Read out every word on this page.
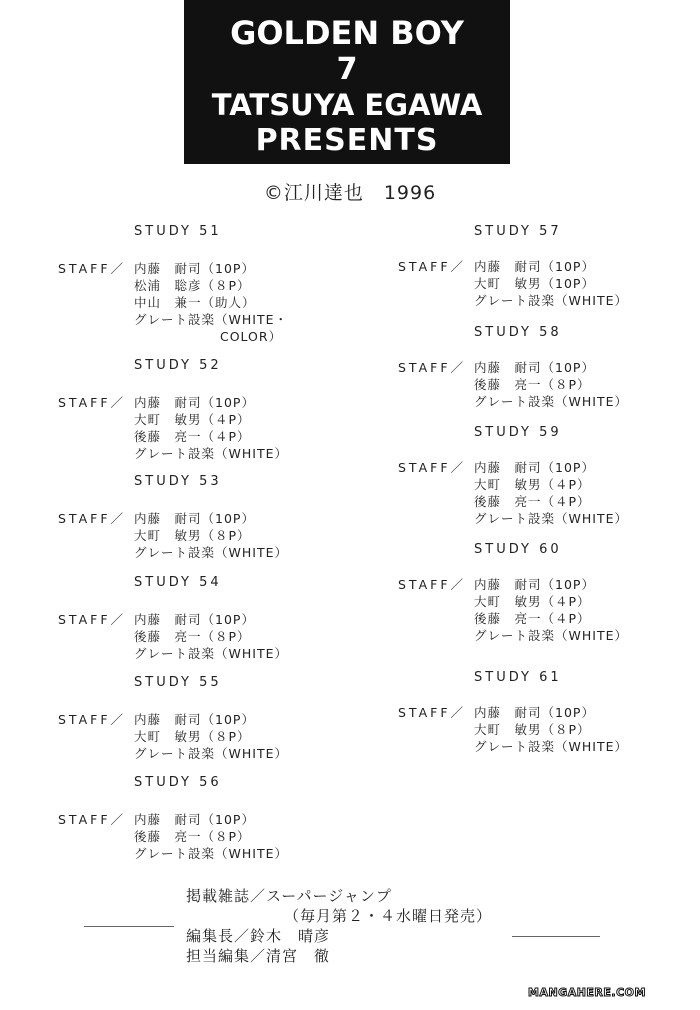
GOLDEN BOY
7
TATSUYA EGAWA
PRESENTS
©江川達也　1996
STUDY 51
STAFF／ 内藤　耐司（10P）
松浦　聡彦（８P）
中山　兼一（助人）
グレート設楽（WHITE・
　　　　　　 COLOR）
STUDY 52
STAFF／ 内藤　耐司（10P）
大町　敏男（４P）
後藤　亮一（４P）
グレート設楽（WHITE）
STUDY 53
STAFF／ 内藤　耐司（10P）
大町　敏男（８P）
グレート設楽（WHITE）
STUDY 54
STAFF／ 内藤　耐司（10P）
後藤　亮一（８P）
グレート設楽（WHITE）
STUDY 55
STAFF／ 内藤　耐司（10P）
大町　敏男（８P）
グレート設楽（WHITE）
STUDY 56
STAFF／ 内藤　耐司（10P）
後藤　亮一（８P）
グレート設楽（WHITE）
STUDY 57
STAFF／ 内藤　耐司（10P）
大町　敏男（10P）
グレート設楽（WHITE）
STUDY 58
STAFF／ 内藤　耐司（10P）
後藤　亮一（８P）
グレート設楽（WHITE）
STUDY 59
STAFF／ 内藤　耐司（10P）
大町　敏男（４P）
後藤　亮一（４P）
グレート設楽（WHITE）
STUDY 60
STAFF／ 内藤　耐司（10P）
大町　敏男（４P）
後藤　亮一（４P）
グレート設楽（WHITE）
STUDY 61
STAFF／ 内藤　耐司（10P）
大町　敏男（８P）
グレート設楽（WHITE）
掲載雑誌／スーパージャンプ
（毎月第２・４水曜日発売）
編集長／鈴木　晴彦
担当編集／清宮　徹
MANGAHERE.COM
